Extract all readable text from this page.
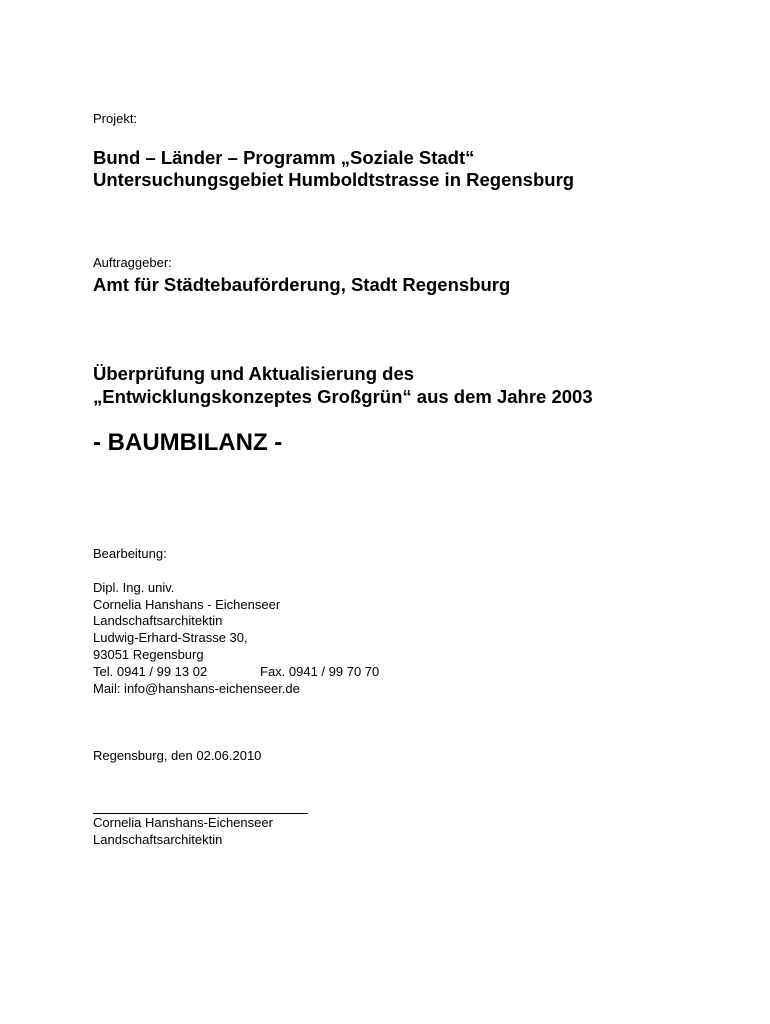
Projekt:

Bund – Länder – Programm „Soziale Stadt“

Untersuchungsgebiet Humboldtstrasse in Regensburg

Auftraggeber:

Amt für Städtebauförderung, Stadt Regensburg

Überprüfung und Aktualisierung des

„Entwicklungskonzeptes Großgrün“ aus dem Jahre 2003

- BAUMBILANZ -

Bearbeitung:

Dipl. Ing. univ.

Cornelia Hanshans - Eichenseer

Landschaftsarchitektin

Ludwig-Erhard-Strasse 30,

93051 Regensburg

Tel. 0941 / 99 13 02	Fax. 0941 / 99 70 70

Mail: info@hanshans-eichenseer.de

Regensburg, den 02.06.2010

Cornelia Hanshans-Eichenseer

Landschaftsarchitektin
